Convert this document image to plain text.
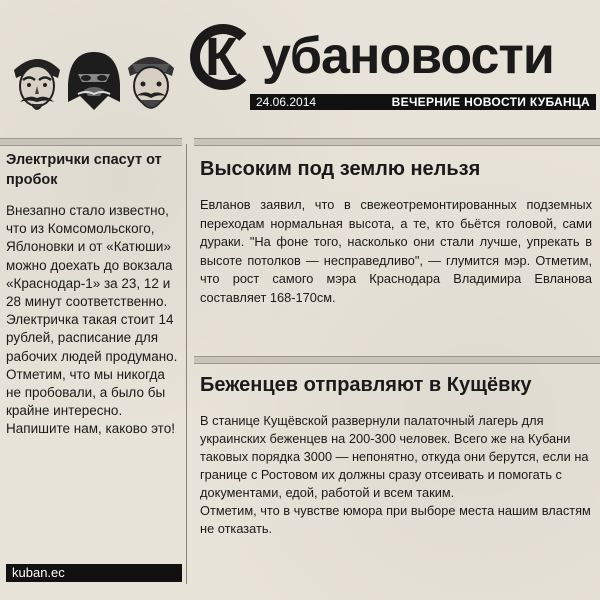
К убановости
24.06.2014	ВЕЧЕРНИЕ НОВОСТИ КУБАНЦА
Электрички спасут от пробок

Внезапно стало известно, что из Комсомольского, Яблоновки и от «Катюши» можно доехать до вокзала «Краснодар-1» за 23, 12 и 28 минут соответственно. Электричка такая стоит 14 рублей, расписание для рабочих людей продумано. Отметим, что мы никогда не пробовали, а было бы крайне интересно. Напишите нам, каково это!

kuban.ec
Высоким под землю нельзя

Евланов заявил, что в свежеотремонтированных подземных переходам нормальная высота, а те, кто бьётся головой, сами дураки. "На фоне того, насколько они стали лучше, упрекать в высоте потолков — несправедливо", — глумится мэр. Отметим, что рост самого мэра Краснодара Владимира Евланова составляет 168-170см.

Беженцев отправляют в Кущёвку

В станице Кущёвской развернули палаточный лагерь для украинских беженцев на 200-300 человек. Всего же на Кубани таковых порядка 3000 — непонятно, откуда они берутся, если на границе с Ростовом их должны сразу отсеивать и помогать с документами, едой, работой и всем таким.
Отметим, что в чувстве юмора при выборе места нашим властям не отказать.
